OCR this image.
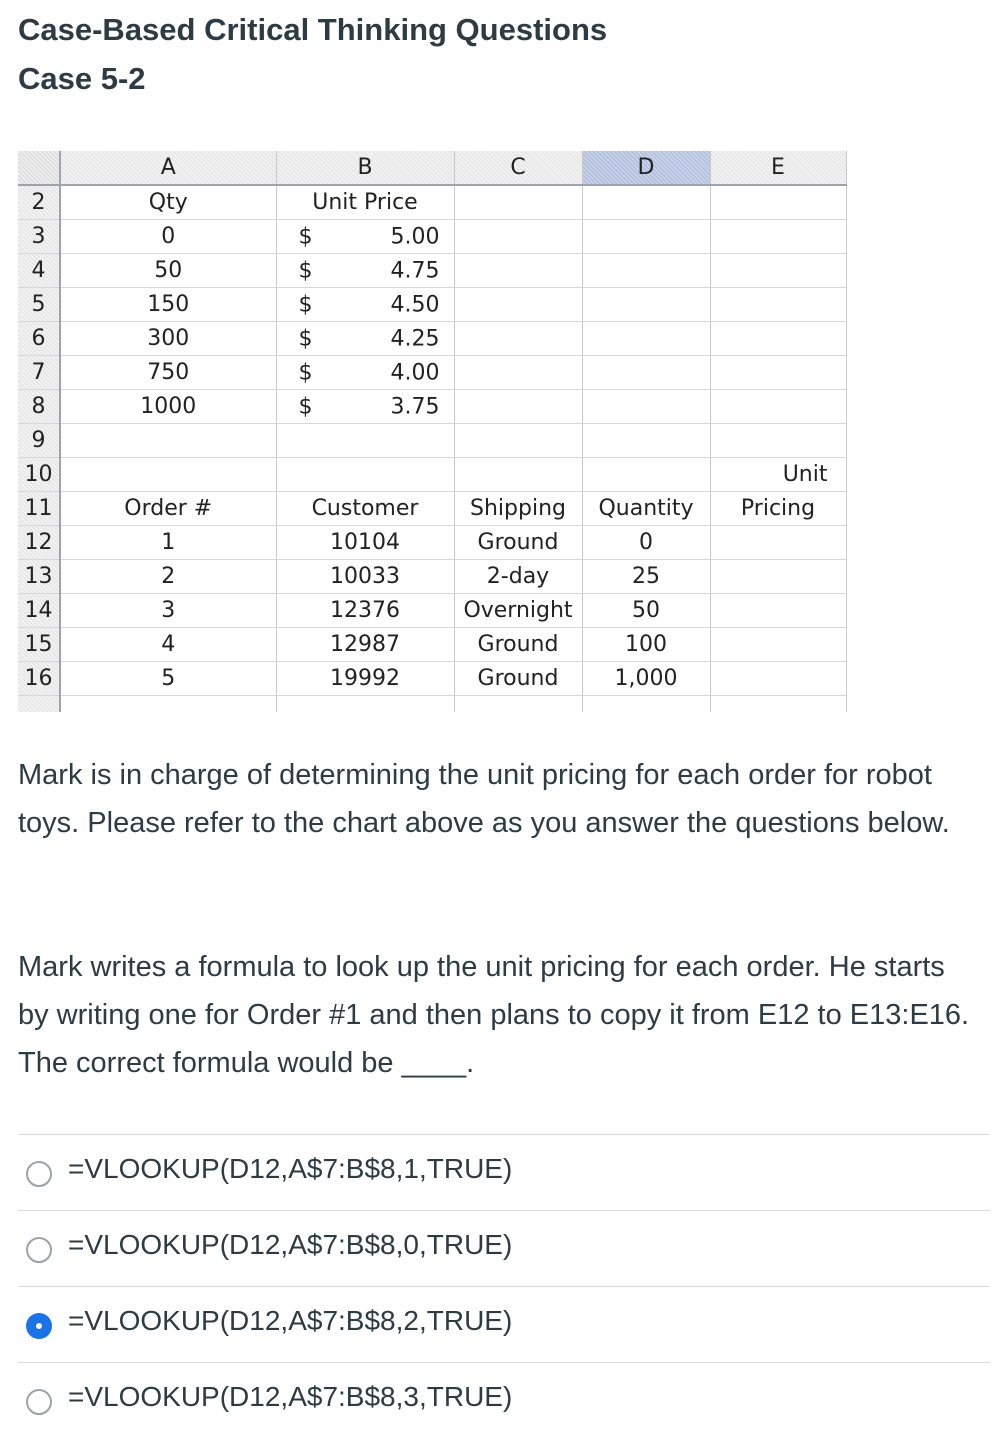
Case-Based Critical Thinking Questions
Case 5-2
	A	B	C	D	E
2	Qty	Unit Price			
3	0	$ 5.00			

4	50	$ 4.75			

5	150	$ 4.50			

6	300	$ 4.25			

7	750	$ 4.00			

8	1000	$ 3.75			

9					
10					Unit
11	Order #	Customer	Shipping	Quantity	Pricing
12	1	10104	Ground	0	
13	2	10033	2-day	25	
14	3	12376	Overnight	50	
15	4	12987	Ground	100	
16	5	19992	Ground	1,000	

Mark is in charge of determining the unit pricing for each order for robot toys. Please refer to the chart above as you answer the questions below.
Mark writes a formula to look up the unit pricing for each order. He starts by writing one for Order #1 and then plans to copy it from E12 to E13:E16. The correct formula would be ____.
=VLOOKUP(D12,A$7:B$8,1,TRUE)
=VLOOKUP(D12,A$7:B$8,0,TRUE)
=VLOOKUP(D12,A$7:B$8,2,TRUE)
=VLOOKUP(D12,A$7:B$8,3,TRUE)
